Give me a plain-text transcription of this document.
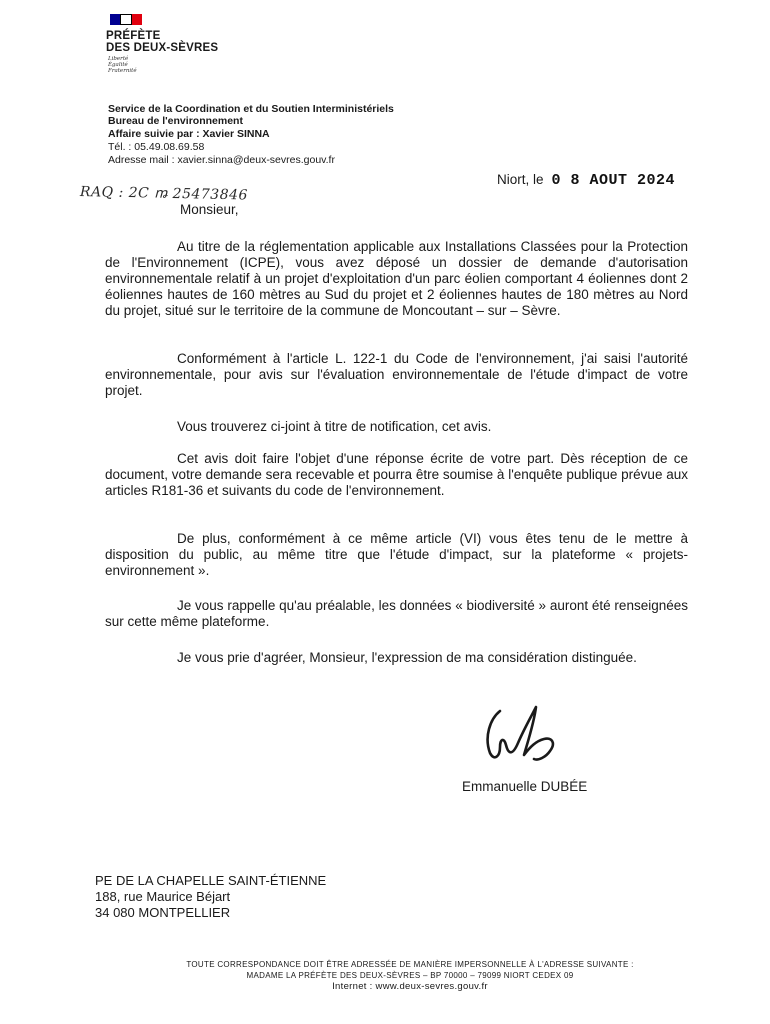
PRÉFÈTE
DES DEUX-SÈVRES
Liberté
Égalité
Fraternité
Service de la Coordination et du Soutien Interministériels
Bureau de l'environnement
Affaire suivie par : Xavier SINNA
Tél. : 05.49.08.69.58
Adresse mail : xavier.sinna@deux-sevres.gouv.fr
RAQ : 2C ꬺ 25473846
Niort, le 0 8 AOUT 2024
Monsieur,

Au titre de la réglementation applicable aux Installations Classées pour la Protection de l'Environnement (ICPE), vous avez déposé un dossier de demande d'autorisation environnementale relatif à un projet d'exploitation d'un parc éolien comportant 4 éoliennes dont 2 éoliennes hautes de 160 mètres au Sud du projet et 2 éoliennes hautes de 180 mètres au Nord du projet, situé sur le territoire de la commune de Moncoutant – sur – Sèvre.

Conformément à l'article L. 122-1 du Code de l'environnement, j'ai saisi l'autorité environnementale, pour avis sur l'évaluation environnementale de l'étude d'impact de votre projet.

Vous trouverez ci-joint à titre de notification, cet avis.

Cet avis doit faire l'objet d'une réponse écrite de votre part. Dès réception de ce document, votre demande sera recevable et pourra être soumise à l'enquête publique prévue aux articles R181-36 et suivants du code de l'environnement.

De plus, conformément à ce même article (VI) vous êtes tenu de le mettre à disposition du public, au même titre que l'étude d'impact, sur la plateforme « projets-environnement ».

Je vous rappelle qu'au préalable, les données « biodiversité » auront été renseignées sur cette même plateforme.

Je vous prie d'agréer, Monsieur, l'expression de ma considération distinguée.

Emmanuelle DUBÉE
PE DE LA CHAPELLE SAINT-ÉTIENNE
188, rue Maurice Béjart
34 080 MONTPELLIER
TOUTE CORRESPONDANCE DOIT ÊTRE ADRESSÉE DE MANIÈRE IMPERSONNELLE À L'ADRESSE SUIVANTE :
MADAME LA PRÉFÈTE DES DEUX-SÈVRES – BP 70000 – 79099 NIORT CEDEX 09
Internet : www.deux-sevres.gouv.fr
